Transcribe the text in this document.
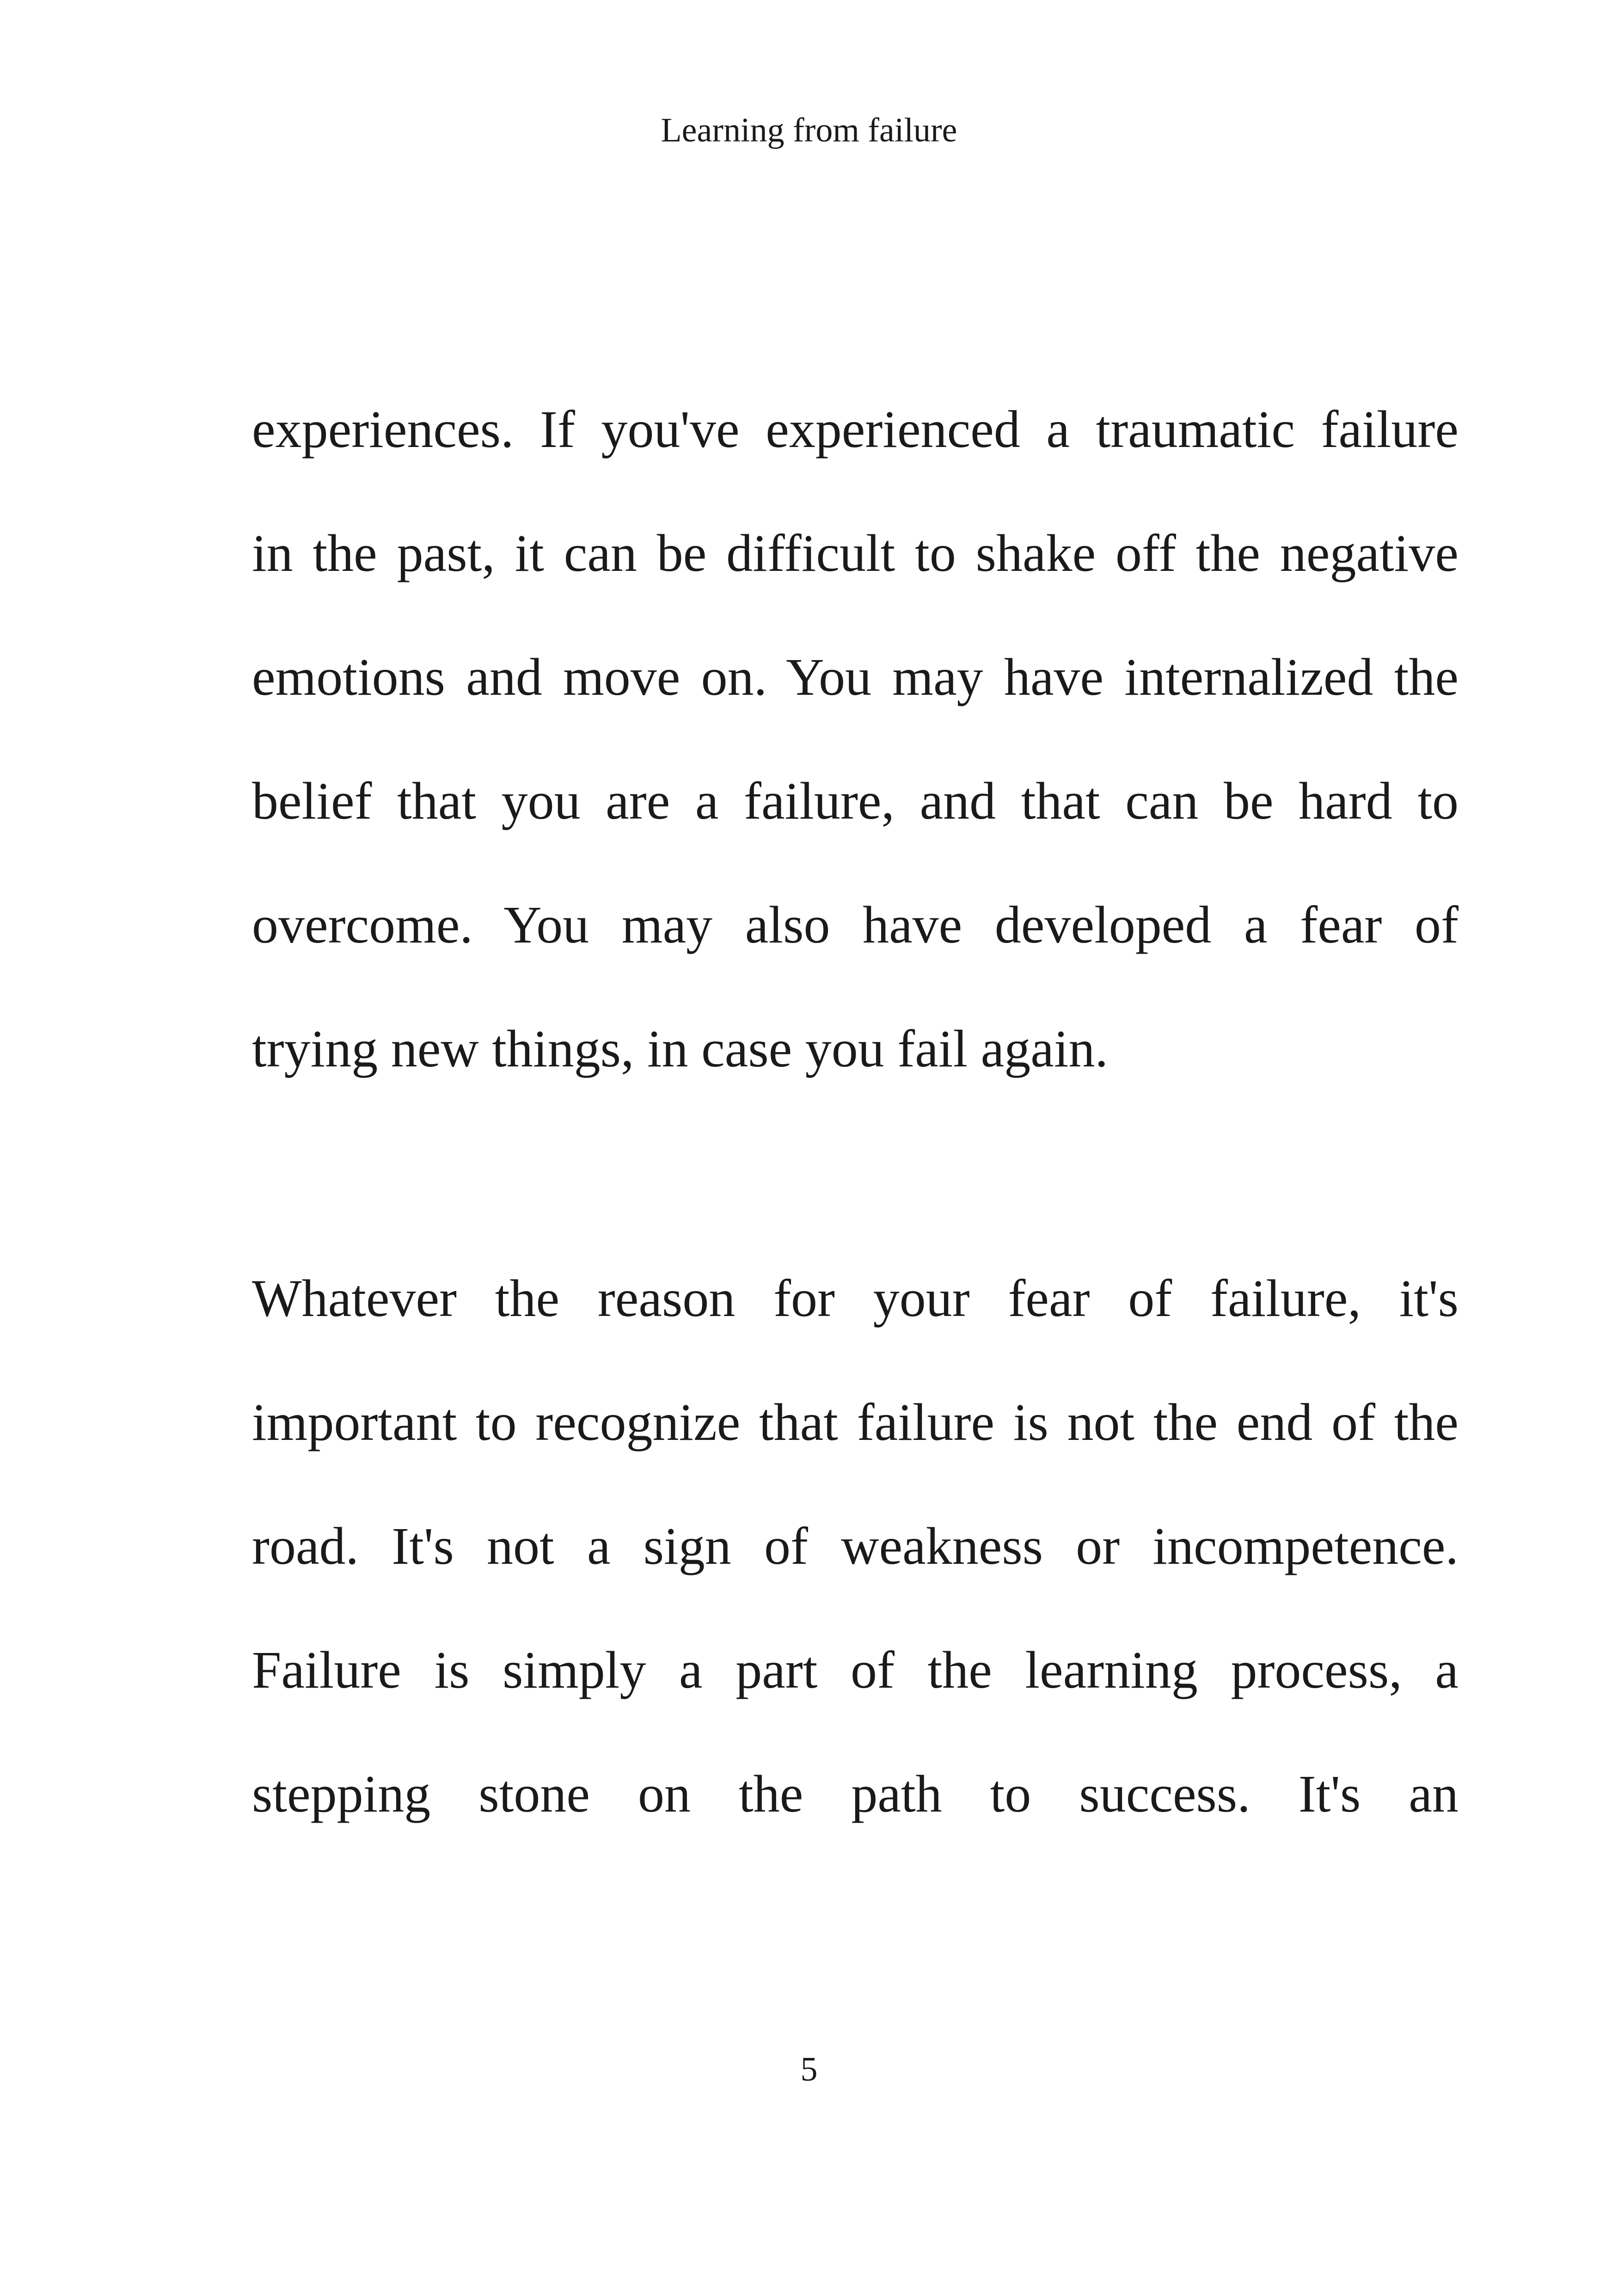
Learning from failure
experiences. If you've experienced a traumatic failure
in the past, it can be difficult to shake off the negative
emotions and move on. You may have internalized the
belief that you are a failure, and that can be hard to
overcome. You may also have developed a fear of
trying new things, in case you fail again.
Whatever the reason for your fear of failure, it's
important to recognize that failure is not the end of the
road. It's not a sign of weakness or incompetence.
Failure is simply a part of the learning process, a
stepping stone on the path to success. It's an
5
